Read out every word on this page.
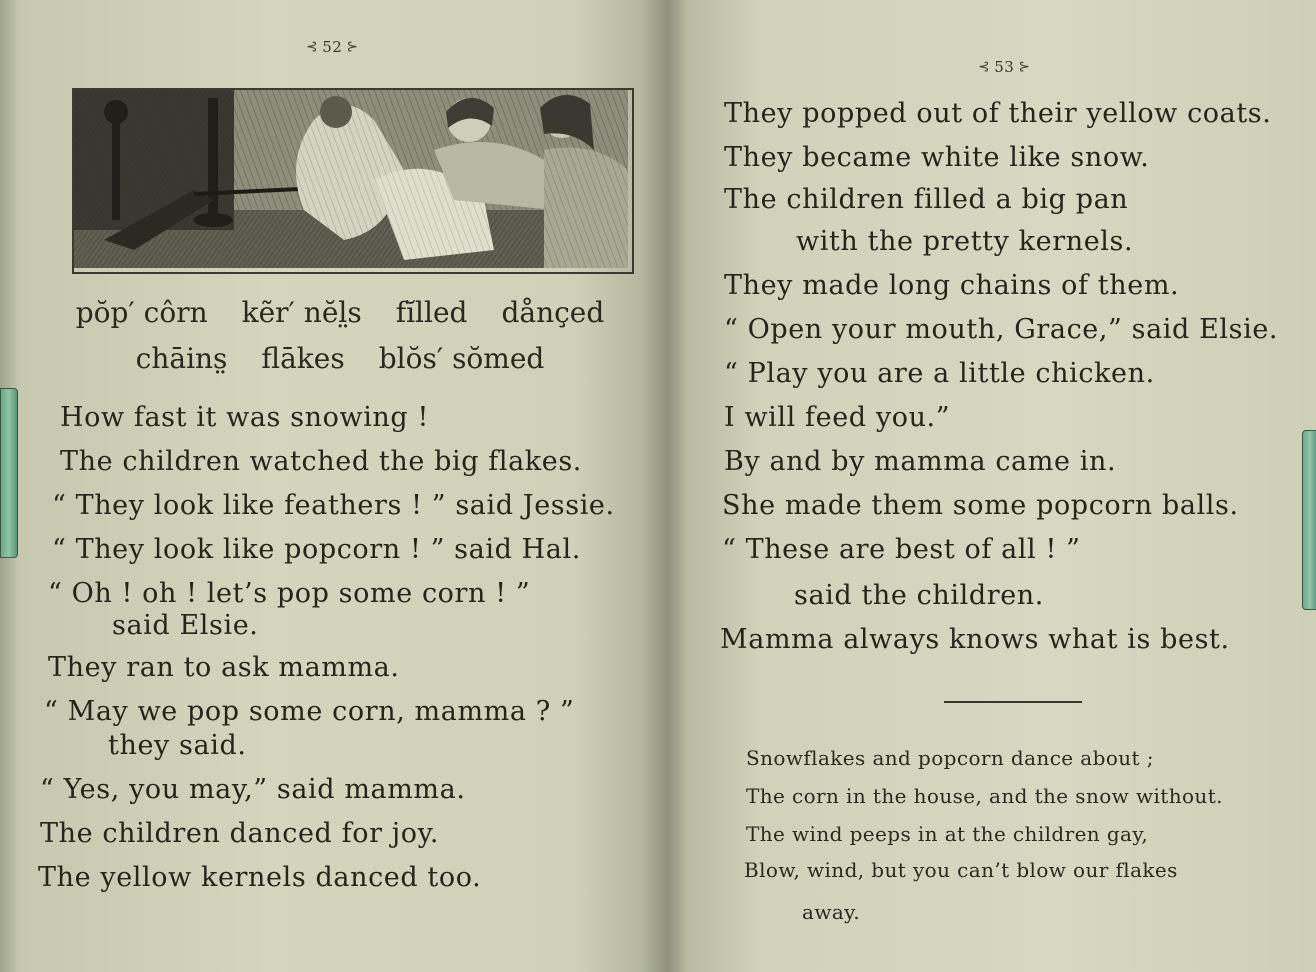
⊰ 52 ⊱
pŏp′ côrn kẽr′ nĕl̤s fĭlled dånçed
chāins̤ flākes blŏs′ sŏmed
How fast it was snowing !
The children watched the big flakes.
“ They look like feathers ! ” said Jessie.
“ They look like popcorn ! ” said Hal.
“ Oh ! oh ! let’s pop some corn ! ”
said Elsie.
They ran to ask mamma.
“ May we pop some corn, mamma ? ”
they said.
“ Yes, you may,” said mamma.
The children danced for joy.
The yellow kernels danced too.
⊰ 53 ⊱
They popped out of their yellow coats.
They became white like snow.
The children filled a big pan
with the pretty kernels.
They made long chains of them.
“ Open your mouth, Grace,” said Elsie.
“ Play you are a little chicken.
I will feed you.”
By and by mamma came in.
She made them some popcorn balls.
“ These are best of all ! ”
said the children.
Mamma always knows what is best.
Snowflakes and popcorn dance about ;
The corn in the house, and the snow without.
The wind peeps in at the children gay,
Blow, wind, but you can’t blow our flakes
away.
